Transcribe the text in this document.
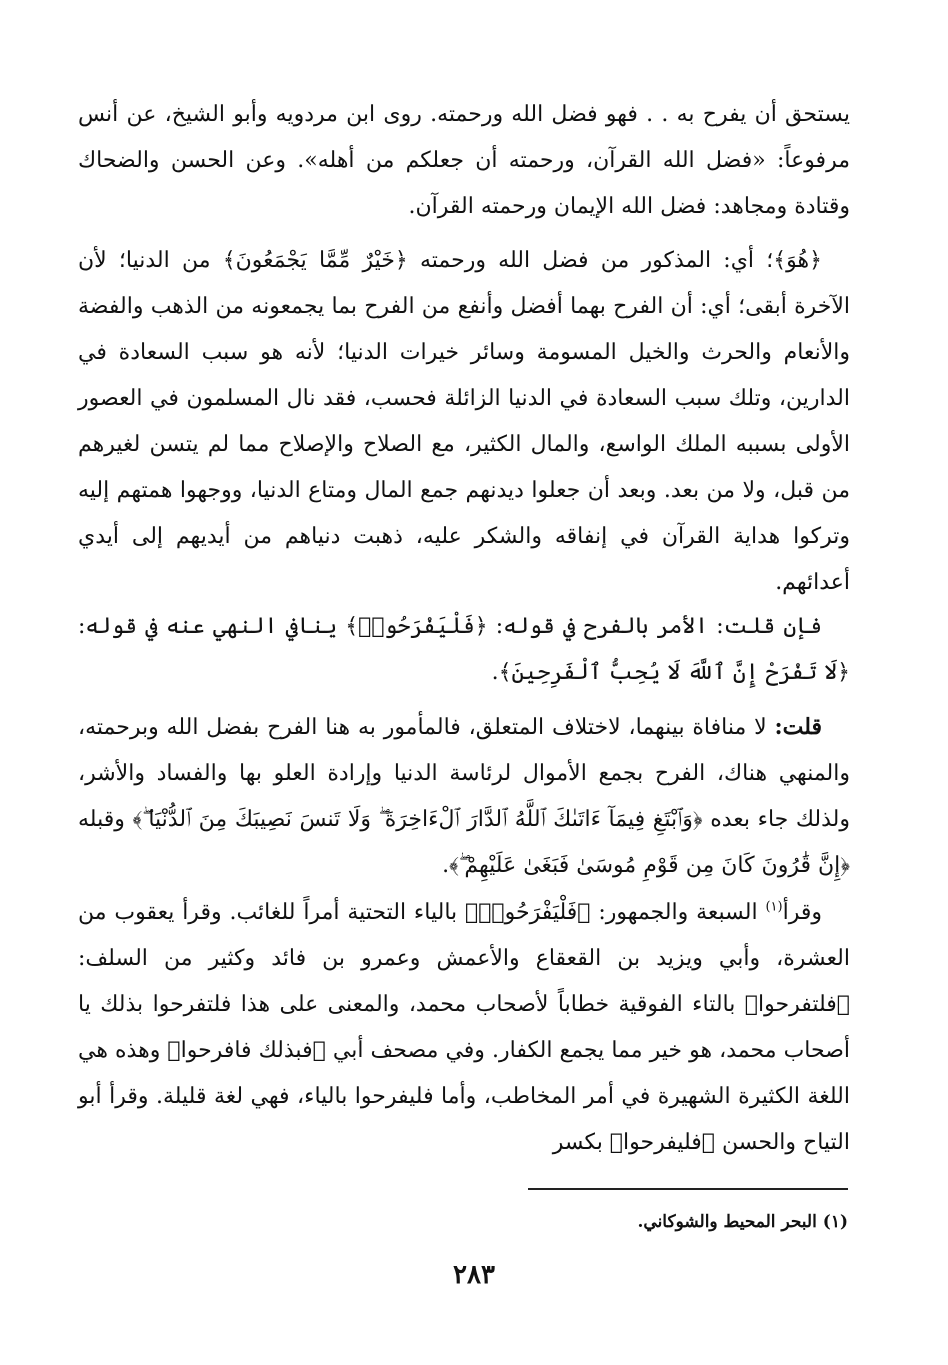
يستحق أن يفرح به . . فهو فضل الله ورحمته. روى ابن مردويه وأبو الشيخ، عن أنس مرفوعاً: «فضل الله القرآن، ورحمته أن جعلكم من أهله». وعن الحسن والضحاك وقتادة ومجاهد: فضل الله الإيمان ورحمته القرآن.

﴿هُوَ﴾؛ أي: المذكور من فضل الله ورحمته ﴿خَيْرٌ مِّمَّا يَجْمَعُونَ﴾ من الدنيا؛ لأن الآخرة أبقى؛ أي: أن الفرح بهما أفضل وأنفع من الفرح بما يجمعونه من الذهب والفضة والأنعام والحرث والخيل المسومة وسائر خيرات الدنيا؛ لأنه هو سبب السعادة في الدارين، وتلك سبب السعادة في الدنيا الزائلة فحسب، فقد نال المسلمون في العصور الأولى بسببه الملك الواسع، والمال الكثير، مع الصلاح والإصلاح مما لم يتسن لغيرهم من قبل، ولا من بعد. وبعد أن جعلوا ديدنهم جمع المال ومتاع الدنيا، ووجهوا همتهم إليه وتركوا هداية القرآن في إنفاقه والشكر عليه، ذهبت دنياهم من أيديهم إلى أيدي أعدائهم.

فإن قلت: الأمر بالفرح في قوله: ﴿فَلْيَفْرَحُوا۟﴾ ينافي النهي عنه في قوله: ﴿لَا تَفْرَحْ إِنَّ ٱللَّهَ لَا يُحِبُّ ٱلْفَرِحِينَ﴾.

قلت: لا منافاة بينهما، لاختلاف المتعلق، فالمأمور به هنا الفرح بفضل الله وبرحمته، والمنهي هناك، الفرح بجمع الأموال لرئاسة الدنيا وإرادة العلو بها والفساد والأشر، ولذلك جاء بعده ﴿وَٱبْتَغِ فِيمَآ ءَاتَىٰكَ ٱللَّهُ ٱلدَّارَ ٱلْءَاخِرَةَ ۖ وَلَا تَنسَ نَصِيبَكَ مِنَ ٱلدُّنْيَا ۖ﴾ وقبله ﴿إِنَّ قَٰرُونَ كَانَ مِن قَوْمِ مُوسَىٰ فَبَغَىٰ عَلَيْهِمْ ۖ﴾.

وقرأ$^{(١)}$ السبعة والجمهور: ﴿فَلْيَفْرَحُوا۟﴾ بالياء التحتية أمراً للغائب. وقرأ يعقوب من العشرة، وأبي ويزيد بن القعقاع والأعمش وعمرو بن فائد وكثير من السلف: ﴿فلتفرحوا﴾ بالتاء الفوقية خطاباً لأصحاب محمد، والمعنى على هذا فلتفرحوا بذلك يا أصحاب محمد، هو خير مما يجمع الكفار. وفي مصحف أبي ﴿فبذلك فافرحوا﴾ وهذه هي اللغة الكثيرة الشهيرة في أمر المخاطب، وأما فليفرحوا بالياء، فهي لغة قليلة. وقرأ أبو التياح والحسن ﴿فليفرحوا﴾ بكسر

(١) البحر المحيط والشوكاني.
٢٨٣
